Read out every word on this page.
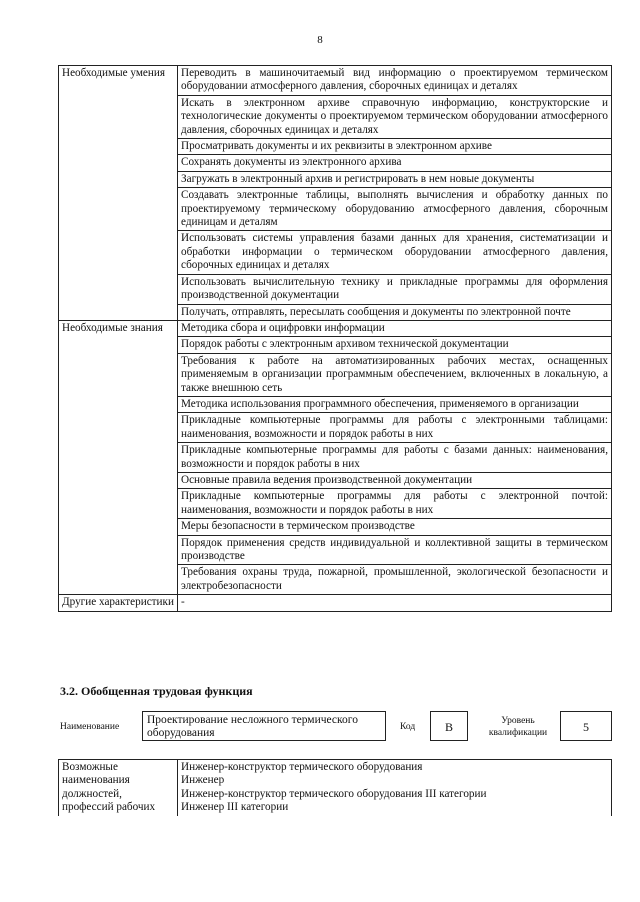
8
Необходимые умения	Переводить в машиночитаемый вид информацию о проектируемом термическом оборудовании атмосферного давления, сборочных единицах и деталях
	Искать в электронном архиве справочную информацию, конструкторские и технологические документы о проектируемом термическом оборудовании атмосферного давления, сборочных единицах и деталях
	Просматривать документы и их реквизиты в электронном архиве
	Сохранять документы из электронного архива
	Загружать в электронный архив и регистрировать в нем новые документы
	Создавать электронные таблицы, выполнять вычисления и обработку данных по проектируемому термическому оборудованию атмосферного давления, сборочным единицам и деталям
	Использовать системы управления базами данных для хранения, систематизации и обработки информации о термическом оборудовании атмосферного давления, сборочных единицах и деталях
	Использовать вычислительную технику и прикладные программы для оформления производственной документации
	Получать, отправлять, пересылать сообщения и документы по электронной почте
Необходимые знания	Методика сбора и оцифровки информации
	Порядок работы с электронным архивом технической документации
	Требования к работе на автоматизированных рабочих местах, оснащенных применяемым в организации программным обеспечением, включенных в локальную, а также внешнюю сеть
	Методика использования программного обеспечения, применяемого в организации
	Прикладные компьютерные программы для работы с электронными таблицами: наименования, возможности и порядок работы в них
	Прикладные компьютерные программы для работы с базами данных: наименования, возможности и порядок работы в них
	Основные правила ведения производственной документации
	Прикладные компьютерные программы для работы с электронной почтой: наименования, возможности и порядок работы в них
	Меры безопасности в термическом производстве
	Порядок применения средств индивидуальной и коллективной защиты в термическом производстве
	Требования охраны труда, пожарной, промышленной, экологической безопасности и электробезопасности
Другие характеристики	-
3.2. Обобщенная трудовая функция
Наименование
Проектирование несложного термического оборудования	Код	B	Уровень квалификации	5
Возможные наименования должностей, профессий рабочих	
Инженер-конструктор термического оборудования
Инженер
Инженер-конструктор термического оборудования III категории
Инженер III категории
